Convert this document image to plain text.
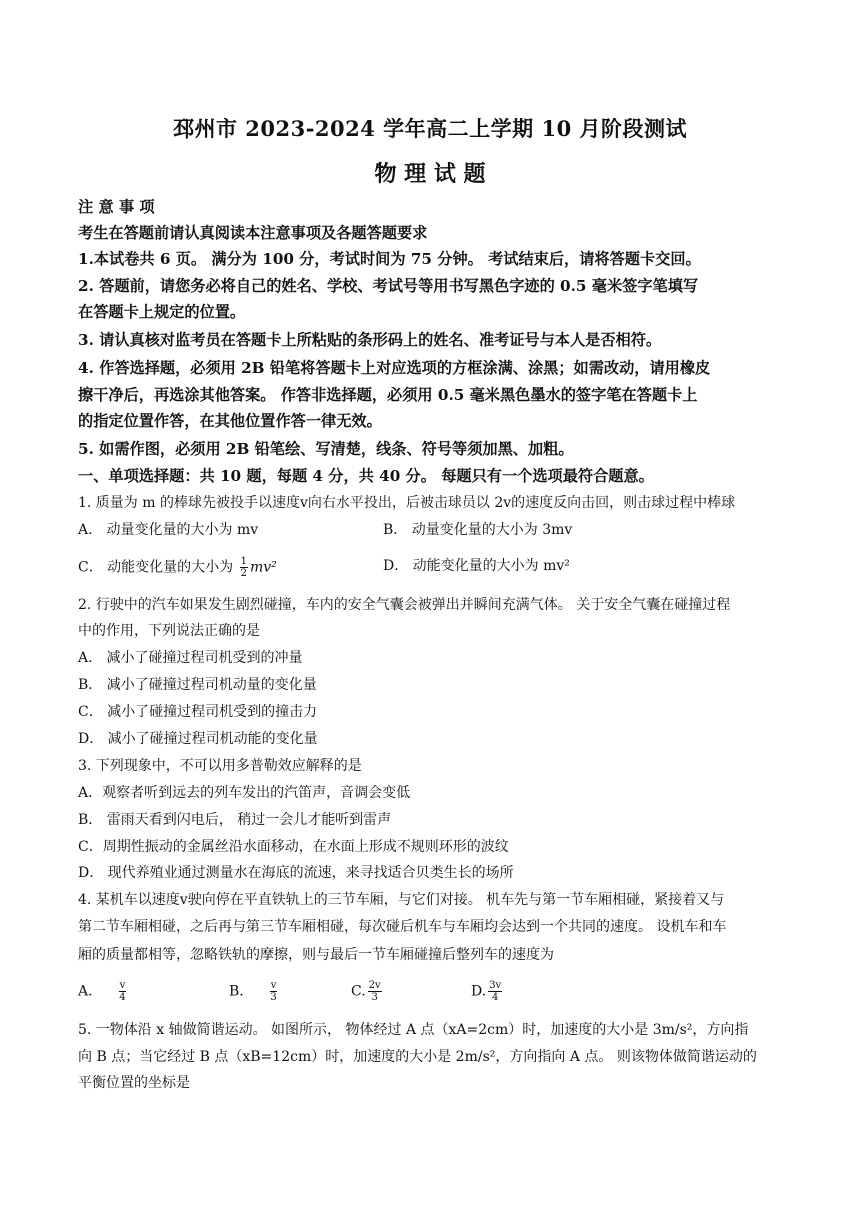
邳州市 2023-2024 学年高二上学期 10 月阶段测试
物 理 试 题
注 意 事 项
考生在答题前请认真阅读本注意事项及各题答题要求
1.本试卷共 6 页。 满分为 100 分，考试时间为 75 分钟。 考试结束后，请将答题卡交回。
2. 答题前，请您务必将自己的姓名、学校、考试号等用书写黑色字迹的 0.5 毫米签字笔填写
在答题卡上规定的位置。
3. 请认真核对监考员在答题卡上所粘贴的条形码上的姓名、准考证号与本人是否相符。
4. 作答选择题，必须用 2B 铅笔将答题卡上对应选项的方框涂满、涂黑；如需改动，请用橡皮
擦干净后，再选涂其他答案。 作答非选择题，必须用 0.5 毫米黑色墨水的签字笔在答题卡上
的指定位置作答，在其他位置作答一律无效。
5. 如需作图，必须用 2B 铅笔绘、写清楚，线条、符号等须加黑、加粗。
一、单项选择题：共 10 题，每题 4 分，共 40 分。 每题只有一个选项最符合题意。
1. 质量为 m 的棒球先被投手以速度v向右水平投出，后被击球员以 2v的速度反向击回，则击球过程中棒球
A． 动量变化量的大小为 mv	B． 动量变化量的大小为 3mv
C． 动能变化量的大小为 $\frac{1}{2} mv^2$	D． 动能变化量的大小为 mv²
2. 行驶中的汽车如果发生剧烈碰撞，车内的安全气囊会被弹出并瞬间充满气体。 关于安全气囊在碰撞过程
中的作用，下列说法正确的是
A． 减小了碰撞过程司机受到的冲量
B． 减小了碰撞过程司机动量的变化量
C． 减小了碰撞过程司机受到的撞击力
D． 减小了碰撞过程司机动能的变化量
3. 下列现象中，不可以用多普勒效应解释的是
A．观察者听到远去的列车发出的汽笛声，音调会变低
B． 雷雨天看到闪电后， 稍过一会儿才能听到雷声
C．周期性振动的金属丝沿水面移动，在水面上形成不规则环形的波纹
D． 现代养殖业通过测量水在海底的流速，来寻找适合贝类生长的场所
4. 某机车以速度v驶向停在平直铁轨上的三节车厢，与它们对接。 机车先与第一节车厢相碰，紧接着又与
第二节车厢相碰，之后再与第三节车厢相碰，每次碰后机车与车厢均会达到一个共同的速度。 设机车和车
厢的质量都相等，忽略铁轨的摩擦，则与最后一节车厢碰撞后整列车的速度为
A． $\frac{v}{4}$	B． $\frac{v}{3}$	C. $\frac{2v}{3}$	D. $\frac{3v}{4}$
5. 一物体沿 x 轴做简谐运动。 如图所示， 物体经过 A 点（xA=2cm）时，加速度的大小是 3m/s²，方向指
向 B 点；当它经过 B 点（xB=12cm）时，加速度的大小是 2m/s²，方向指向 A 点。 则该物体做简谐运动的
平衡位置的坐标是
